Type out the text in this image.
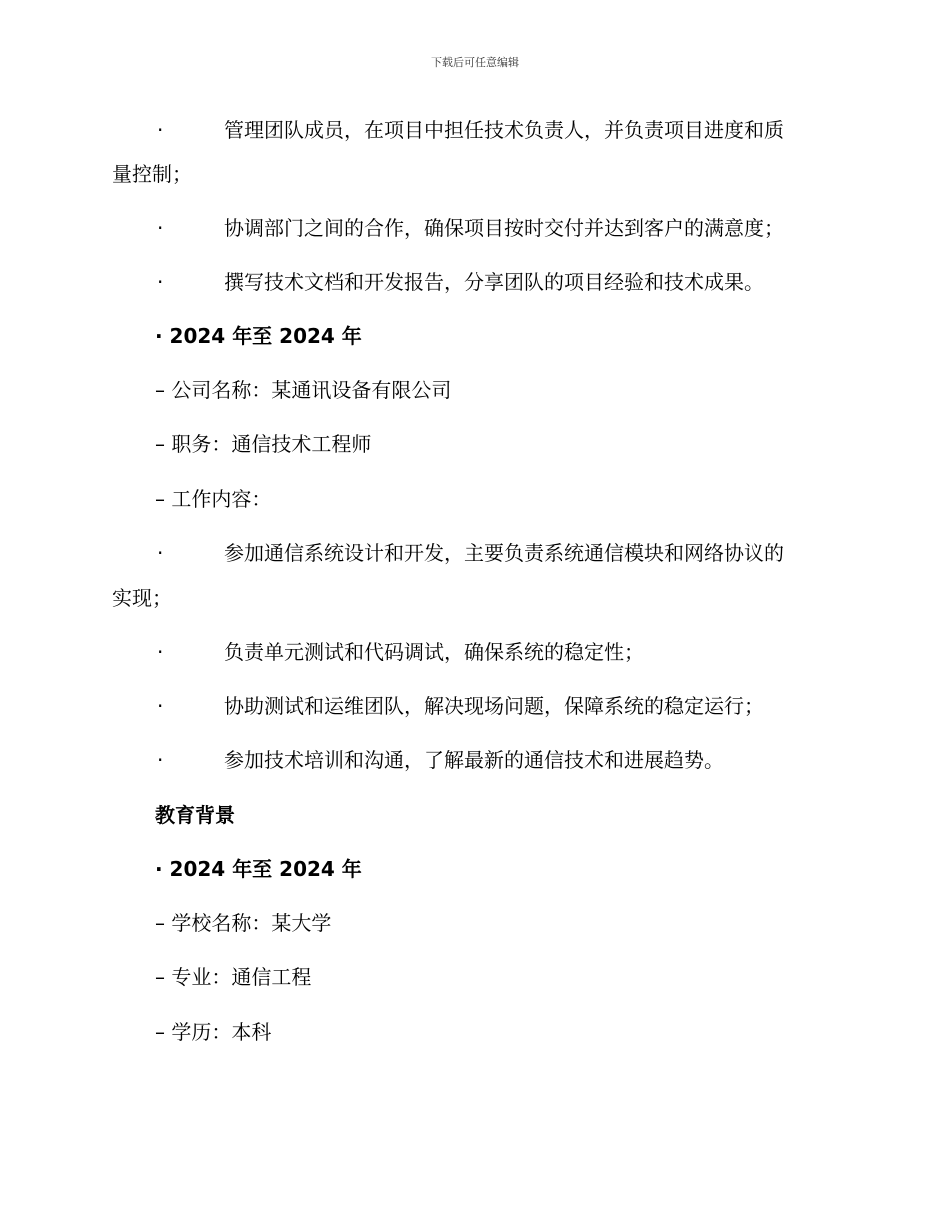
下载后可任意编辑
·	管理团队成员，在项目中担任技术负责人，并负责项目进度和质
量控制；
·	协调部门之间的合作，确保项目按时交付并达到客户的满意度；
·	撰写技术文档和开发报告，分享团队的项目经验和技术成果。
· 2024 年至 2024 年
– 公司名称：某通讯设备有限公司
– 职务：通信技术工程师
– 工作内容：
·	参加通信系统设计和开发，主要负责系统通信模块和网络协议的
实现；
·	负责单元测试和代码调试，确保系统的稳定性；
·	协助测试和运维团队，解决现场问题，保障系统的稳定运行；
·	参加技术培训和沟通，了解最新的通信技术和进展趋势。
教育背景
· 2024 年至 2024 年
– 学校名称：某大学
– 专业：通信工程
– 学历：本科
